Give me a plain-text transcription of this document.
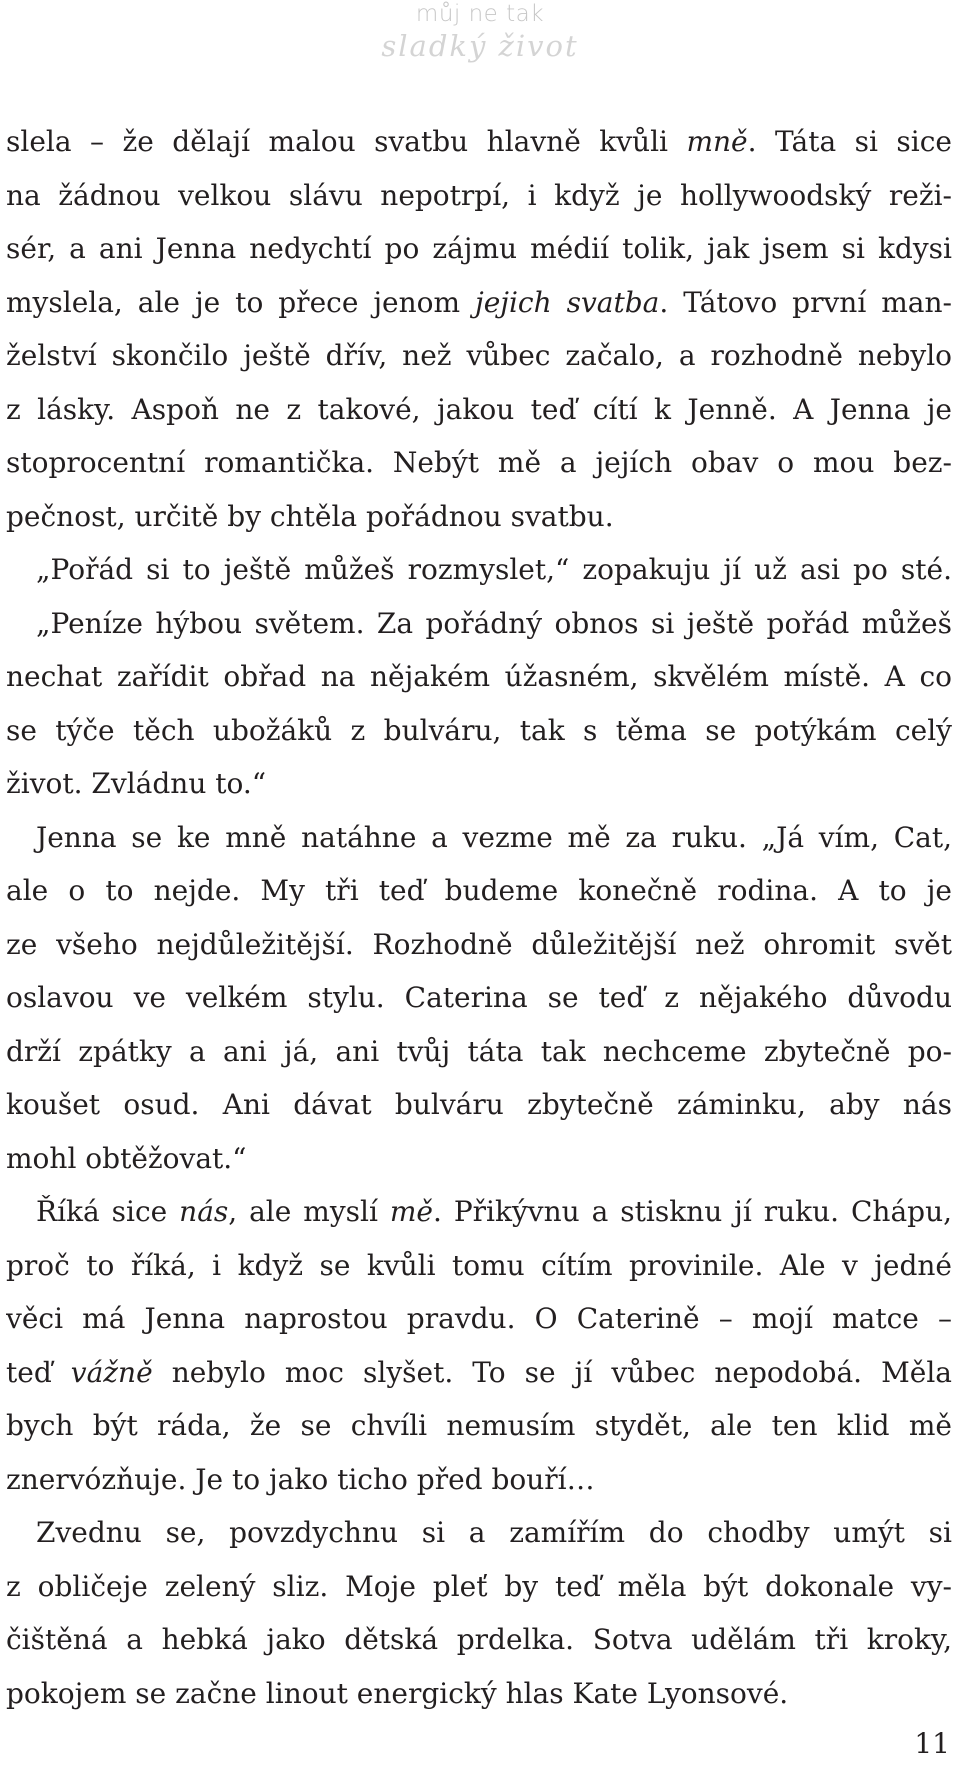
můj ne tak
sladký život

slela – že dělají malou svatbu hlavně kvůli mně. Táta si sice

na žádnou velkou slávu nepotrpí, i když je hollywoodský reži-

sér, a ani Jenna nedychtí po zájmu médií tolik, jak jsem si kdysi

myslela, ale je to přece jenom jejich svatba. Tátovo první man-

želství skončilo ještě dřív, než vůbec začalo, a rozhodně nebylo

z lásky. Aspoň ne z takové, jakou teď cítí k Jenně. A Jenna je

stoprocentní romantička. Nebýt mě a jejích obav o mou bez-

pečnost, určitě by chtěla pořádnou svatbu.

„Pořád si to ještě můžeš rozmyslet,“ zopakuju jí už asi po sté.

„Peníze hýbou světem. Za pořádný obnos si ještě pořád můžeš

nechat zařídit obřad na nějakém úžasném, skvělém místě. A co

se týče těch ubožáků z bulváru, tak s těma se potýkám celý

život. Zvládnu to.“

Jenna se ke mně natáhne a vezme mě za ruku. „Já vím, Cat,

ale o to nejde. My tři teď budeme konečně rodina. A to je

ze všeho nejdůležitější. Rozhodně důležitější než ohromit svět

oslavou ve velkém stylu. Caterina se teď z nějakého důvodu

drží zpátky a ani já, ani tvůj táta tak nechceme zbytečně po-

koušet osud. Ani dávat bulváru zbytečně záminku, aby nás

mohl obtěžovat.“

Říká sice nás, ale myslí mě. Přikývnu a stisknu jí ruku. Chápu,

proč to říká, i když se kvůli tomu cítím provinile. Ale v jedné

věci má Jenna naprostou pravdu. O Caterině – mojí matce –

teď vážně nebylo moc slyšet. To se jí vůbec nepodobá. Měla

bych být ráda, že se chvíli nemusím stydět, ale ten klid mě

znervózňuje. Je to jako ticho před bouří…

Zvednu se, povzdychnu si a zamířím do chodby umýt si

z obličeje zelený sliz. Moje pleť by teď měla být dokonale vy-

čištěná a hebká jako dětská prdelka. Sotva udělám tři kroky,

pokojem se začne linout energický hlas Kate Lyonsové.

11
